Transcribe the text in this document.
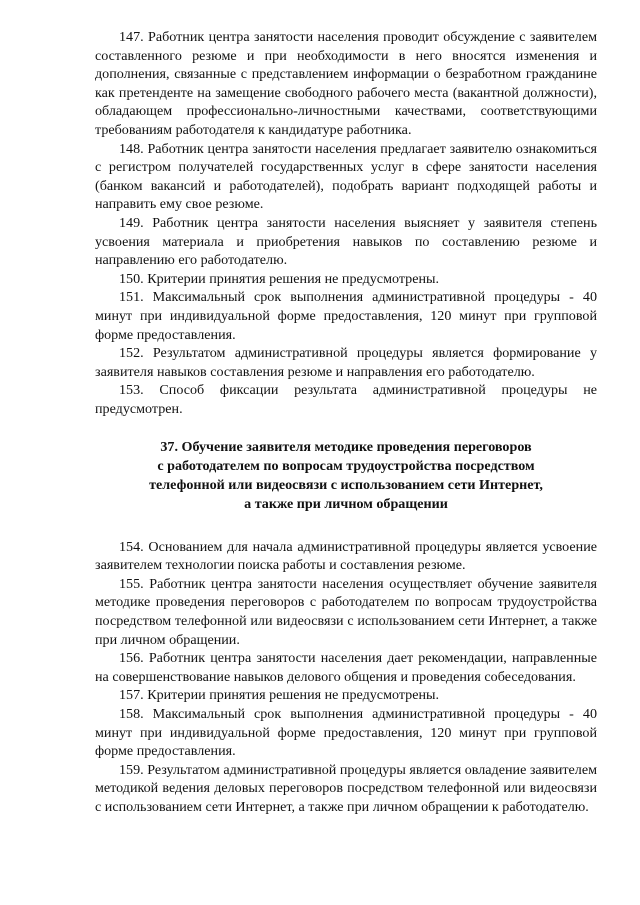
147. Работник центра занятости населения проводит обсуждение с заявителем составленного резюме и при необходимости в него вносятся изменения и дополнения, связанные с представлением информации о безработном гражданине как претенденте на замещение свободного рабочего места (вакантной должности), обладающем профессионально-личностными качествами, соответствующими требованиям работодателя к кандидатуре работника.

148. Работник центра занятости населения предлагает заявителю ознакомиться с регистром получателей государственных услуг в сфере занятости населения (банком вакансий и работодателей), подобрать вариант подходящей работы и направить ему свое резюме.

149. Работник центра занятости населения выясняет у заявителя степень усвоения материала и приобретения навыков по составлению резюме и направлению его работодателю.

150. Критерии принятия решения не предусмотрены.

151. Максимальный срок выполнения административной процедуры - 40 минут при индивидуальной форме предоставления, 120 минут при групповой форме предоставления.

152. Результатом административной процедуры является формирование у заявителя навыков составления резюме и направления его работодателю.

153. Способ фиксации результата административной процедуры не предусмотрен.

37. Обучение заявителя методике проведения переговоров
с работодателем по вопросам трудоустройства посредством
телефонной или видеосвязи с использованием сети Интернет,
а также при личном обращении

154. Основанием для начала административной процедуры является усвоение заявителем технологии поиска работы и составления резюме.

155. Работник центра занятости населения осуществляет обучение заявителя методике проведения переговоров с работодателем по вопросам трудоустройства посредством телефонной или видеосвязи с использованием сети Интернет, а также при личном обращении.

156. Работник центра занятости населения дает рекомендации, направленные на совершенствование навыков делового общения и проведения собеседования.

157. Критерии принятия решения не предусмотрены.

158. Максимальный срок выполнения административной процедуры - 40 минут при индивидуальной форме предоставления, 120 минут при групповой форме предоставления.

159. Результатом административной процедуры является овладение заявителем методикой ведения деловых переговоров посредством телефонной или видеосвязи с использованием сети Интернет, а также при личном обращении к работодателю.
